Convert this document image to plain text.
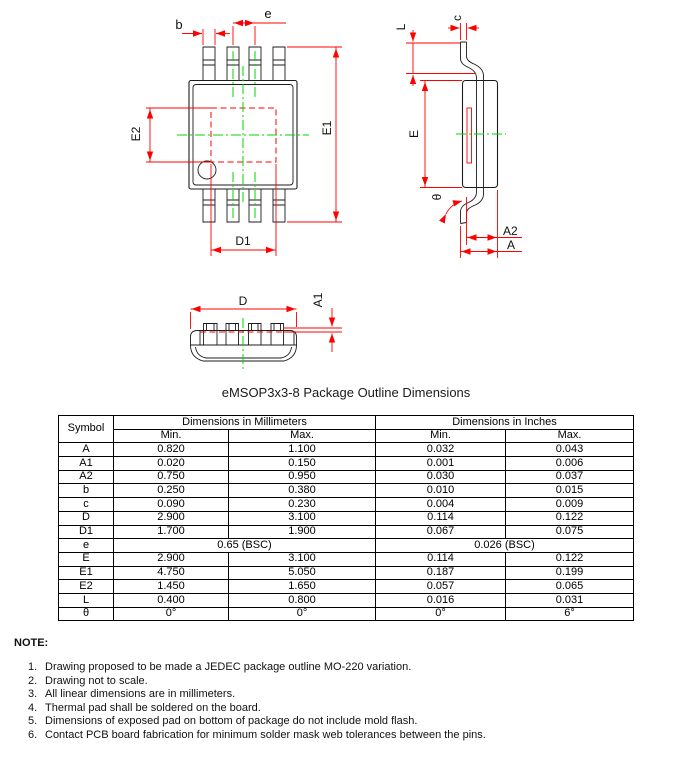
b
e
E1
E2
D1
L
c
E
θ
A2
A
D	A1
eMSOP3x3-8 Package Outline Dimensions
Symbol	Dimensions in Millimeters		Dimensions in Inches	
	Min.	Max.	Min.	Max.
A	0.820	1.100	0.032	0.043
A1	0.020	0.150	0.001	0.006
A2	0.750	0.950	0.030	0.037
b	0.250	0.380	0.010	0.015
c	0.090	0.230	0.004	0.009
D	2.900	3.100	0.114	0.122
D1	1.700	1.900	0.067	0.075
e	0.65 (BSC)		0.026 (BSC)	
E	2.900	3.100	0.114	0.122
E1	4.750	5.050	0.187	0.199
E2	1.450	1.650	0.057	0.065
L	0.400	0.800	0.016	0.031
θ	0°	0°	0°	6°
NOTE:
1. Drawing proposed to be made a JEDEC package outline MO-220 variation.
2. Drawing not to scale.
3. All linear dimensions are in millimeters.
4. Thermal pad shall be soldered on the board.
5. Dimensions of exposed pad on bottom of package do not include mold flash.
6. Contact PCB board fabrication for minimum solder mask web tolerances between the pins.
